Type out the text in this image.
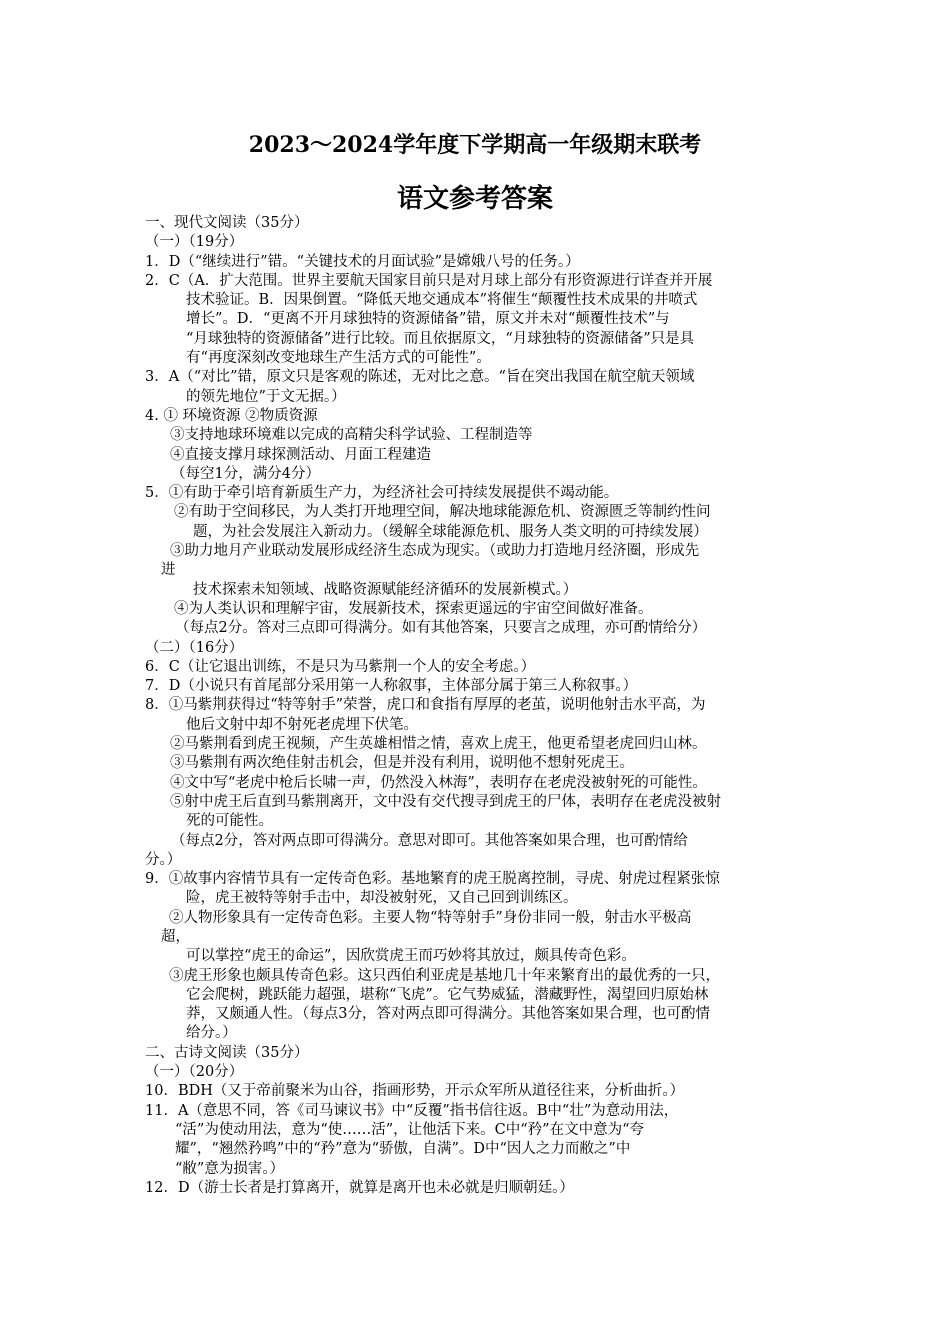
2023～2024学年度下学期高一年级期末联考
语文参考答案

一、现代文阅读（35分）

（一）（19分）

1．D（“继续进行”错。“关键技术的月面试验”是嫦娥八号的任务。）

2．C（A．扩大范围。世界主要航天国家目前只是对月球上部分有形资源进行详查并开展

技术验证。B．因果倒置。“降低天地交通成本”将催生“颠覆性技术成果的井喷式

增长”。D．“更离不开月球独特的资源储备”错，原文并未对“颠覆性技术”与

“月球独特的资源储备”进行比较。而且依据原文，“月球独特的资源储备”只是具

有“再度深刻改变地球生产生活方式的可能性”。

3．A（“对比”错，原文只是客观的陈述，无对比之意。“旨在突出我国在航空航天领域

的领先地位”于文无据。）

4. ① 环境资源 ②物质资源

③支持地球环境难以完成的高精尖科学试验、工程制造等

④直接支撑月球探测活动、月面工程建造

（每空1分，满分4分）

5．①有助于牵引培育新质生产力，为经济社会可持续发展提供不竭动能。

②有助于空间移民，为人类打开地理空间，解决地球能源危机、资源匮乏等制约性问

题，为社会发展注入新动力。（缓解全球能源危机、服务人类文明的可持续发展）

③助力地月产业联动发展形成经济生态成为现实。（或助力打造地月经济圈，形成先

进

技术探索未知领域、战略资源赋能经济循环的发展新模式。）

④为人类认识和理解宇宙，发展新技术，探索更遥远的宇宙空间做好准备。

（每点2分。答对三点即可得满分。如有其他答案，只要言之成理，亦可酌情给分）

（二）（16分）

6．C（让它退出训练，不是只为马紫荆一个人的安全考虑。）

7．D（小说只有首尾部分采用第一人称叙事，主体部分属于第三人称叙事。）

8．①马紫荆获得过“特等射手”荣誉，虎口和食指有厚厚的老茧，说明他射击水平高，为

他后文射中却不射死老虎埋下伏笔。

②马紫荆看到虎王视频，产生英雄相惜之情，喜欢上虎王，他更希望老虎回归山林。

③马紫荆有两次绝佳射击机会，但是并没有利用，说明他不想射死虎王。

④文中写“老虎中枪后长啸一声，仍然没入林海”，表明存在老虎没被射死的可能性。

⑤射中虎王后直到马紫荆离开，文中没有交代搜寻到虎王的尸体，表明存在老虎没被射

死的可能性。

（每点2分，答对两点即可得满分。意思对即可。其他答案如果合理，也可酌情给

分。）

9．①故事内容情节具有一定传奇色彩。基地繁育的虎王脱离控制，寻虎、射虎过程紧张惊

险，虎王被特等射手击中，却没被射死，又自己回到训练区。

②人物形象具有一定传奇色彩。主要人物“特等射手”身份非同一般，射击水平极高

超，

可以掌控“虎王的命运”，因欣赏虎王而巧妙将其放过，颇具传奇色彩。

③虎王形象也颇具传奇色彩。这只西伯利亚虎是基地几十年来繁育出的最优秀的一只，

它会爬树，跳跃能力超强，堪称“飞虎”。它气势威猛，潜藏野性，渴望回归原始林

莽，又颇通人性。（每点3分，答对两点即可得满分。其他答案如果合理，也可酌情

给分。）

二、古诗文阅读（35分）

（一）（20分）

10．BDH（又于帝前聚米为山谷，指画形势，开示众军所从道径往来，分析曲折。）

11．A（意思不同，答《司马谏议书》中“反覆”指书信往返。B中“壮”为意动用法，

“活”为使动用法，意为“使……活”，让他活下来。C中“矜”在文中意为“夸

耀”，“翘然矜鸣”中的“矜”意为“骄傲，自满”。D中“因人之力而敝之”中

“敝”意为损害。）

12．D（游士长者是打算离开，就算是离开也未必就是归顺朝廷。）
